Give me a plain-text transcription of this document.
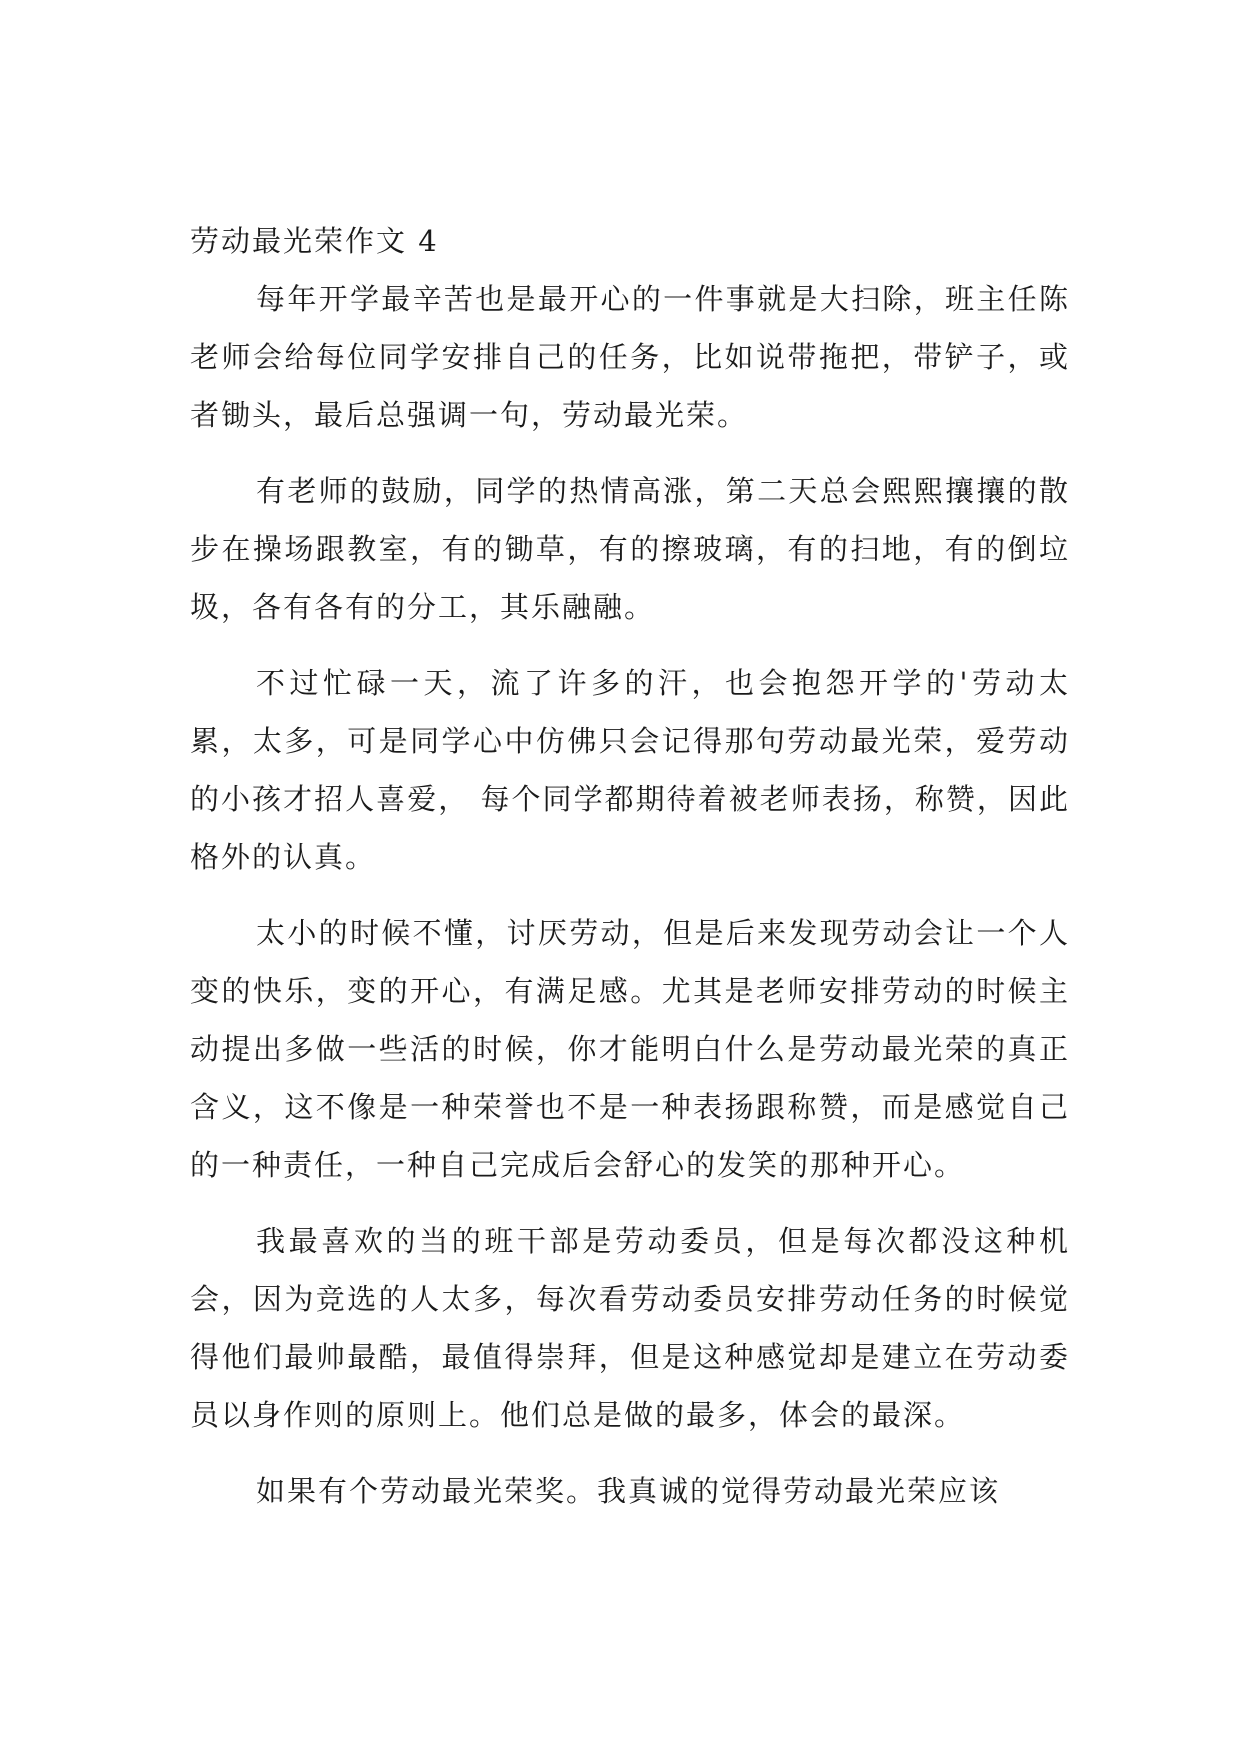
劳动最光荣作文 4

每年开学最辛苦也是最开心的一件事就是大扫除，班主任陈老师会给每位同学安排自己的任务，比如说带拖把，带铲子，或者锄头，最后总强调一句，劳动最光荣。

有老师的鼓励，同学的热情高涨，第二天总会熙熙攘攘的散步在操场跟教室，有的锄草，有的擦玻璃，有的扫地，有的倒垃圾，各有各有的分工，其乐融融。

不过忙碌一天，流了许多的汗，也会抱怨开学的'劳动太累，太多，可是同学心中仿佛只会记得那句劳动最光荣，爱劳动的小孩才招人喜爱， 每个同学都期待着被老师表扬，称赞，因此格外的认真。

太小的时候不懂，讨厌劳动，但是后来发现劳动会让一个人变的快乐，变的开心，有满足感。尤其是老师安排劳动的时候主动提出多做一些活的时候，你才能明白什么是劳动最光荣的真正含义，这不像是一种荣誉也不是一种表扬跟称赞，而是感觉自己的一种责任，一种自己完成后会舒心的发笑的那种开心。

我最喜欢的当的班干部是劳动委员，但是每次都没这种机会，因为竞选的人太多，每次看劳动委员安排劳动任务的时候觉得他们最帅最酷，最值得崇拜，但是这种感觉却是建立在劳动委员以身作则的原则上。他们总是做的最多，体会的最深。

如果有个劳动最光荣奖。我真诚的觉得劳动最光荣应该
